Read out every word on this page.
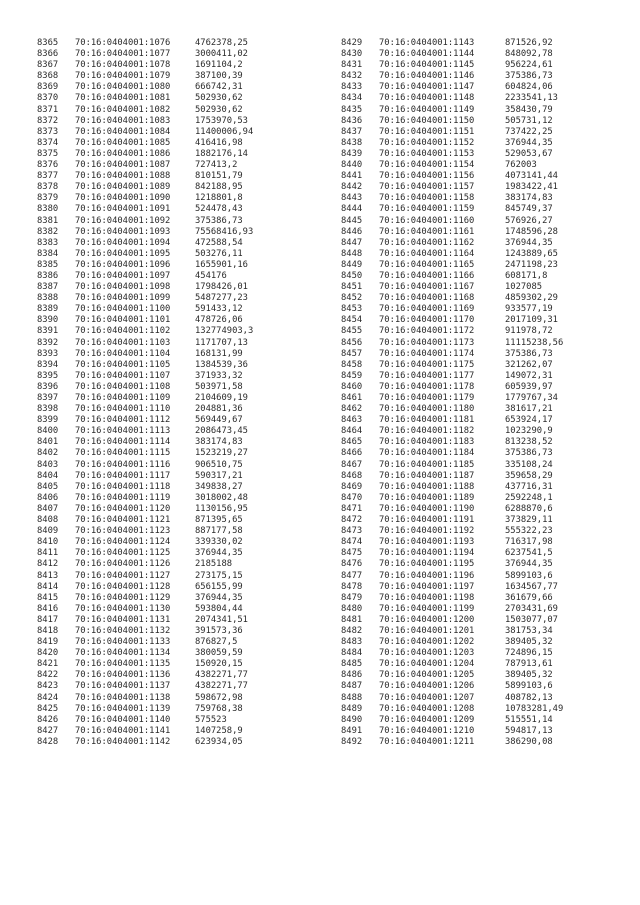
8365 70:16:0404001:1076	4762378,25
8366 70:16:0404001:1077	3000411,02
8367 70:16:0404001:1078	1691104,2
8368 70:16:0404001:1079	387100,39
8369 70:16:0404001:1080	666742,31
8370 70:16:0404001:1081	502930,62
8371 70:16:0404001:1082	502930,62
8372 70:16:0404001:1083	1753970,53
8373 70:16:0404001:1084	11400006,94
8374 70:16:0404001:1085	416416,98
8375 70:16:0404001:1086	1882176,14
8376 70:16:0404001:1087	727413,2
8377 70:16:0404001:1088	810151,79
8378 70:16:0404001:1089	842188,95
8379 70:16:0404001:1090	1218801,8
8380 70:16:0404001:1091	524478,43
8381 70:16:0404001:1092	375386,73
8382 70:16:0404001:1093	75568416,93
8383 70:16:0404001:1094	472588,54
8384 70:16:0404001:1095	503276,11
8385 70:16:0404001:1096	1655901,16
8386 70:16:0404001:1097	454176
8387 70:16:0404001:1098	1798426,01
8388 70:16:0404001:1099	5487277,23
8389 70:16:0404001:1100	591433,12
8390 70:16:0404001:1101	478726,06
8391 70:16:0404001:1102	132774903,3
8392 70:16:0404001:1103	1171707,13
8393 70:16:0404001:1104	168131,99
8394 70:16:0404001:1105	1384539,36
8395 70:16:0404001:1107	371933,32
8396 70:16:0404001:1108	503971,58
8397 70:16:0404001:1109	2104609,19
8398 70:16:0404001:1110	204881,36
8399 70:16:0404001:1112	569449,67
8400 70:16:0404001:1113	2086473,45
8401 70:16:0404001:1114	383174,83
8402 70:16:0404001:1115	1523219,27
8403 70:16:0404001:1116	906510,75
8404 70:16:0404001:1117	590317,21
8405 70:16:0404001:1118	349838,27
8406 70:16:0404001:1119	3018002,48
8407 70:16:0404001:1120	1130156,95
8408 70:16:0404001:1121	871395,65
8409 70:16:0404001:1123	887177,58
8410 70:16:0404001:1124	339330,02
8411 70:16:0404001:1125	376944,35
8412 70:16:0404001:1126	2185188
8413 70:16:0404001:1127	273175,15
8414 70:16:0404001:1128	656155,99
8415 70:16:0404001:1129	376944,35
8416 70:16:0404001:1130	593804,44
8417 70:16:0404001:1131	2074341,51
8418 70:16:0404001:1132	391573,36
8419 70:16:0404001:1133	876827,5
8420 70:16:0404001:1134	380059,59
8421 70:16:0404001:1135	150920,15
8422 70:16:0404001:1136	4382271,77
8423 70:16:0404001:1137	4382271,77
8424 70:16:0404001:1138	598672,98
8425 70:16:0404001:1139	759768,38
8426 70:16:0404001:1140	575523
8427 70:16:0404001:1141	1407258,9
8428 70:16:0404001:1142	623934,05
8429 70:16:0404001:1143	871526,92
8430 70:16:0404001:1144	848092,78
8431 70:16:0404001:1145	956224,61
8432 70:16:0404001:1146	375386,73
8433 70:16:0404001:1147	604824,06
8434 70:16:0404001:1148	2233541,13
8435 70:16:0404001:1149	358430,79
8436 70:16:0404001:1150	505731,12
8437 70:16:0404001:1151	737422,25
8438 70:16:0404001:1152	376944,35
8439 70:16:0404001:1153	529053,67
8440 70:16:0404001:1154	762003
8441 70:16:0404001:1156	4073141,44
8442 70:16:0404001:1157	1983422,41
8443 70:16:0404001:1158	383174,83
8444 70:16:0404001:1159	845749,37
8445 70:16:0404001:1160	576926,27
8446 70:16:0404001:1161	1748596,28
8447 70:16:0404001:1162	376944,35
8448 70:16:0404001:1164	1243889,65
8449 70:16:0404001:1165	2471198,23
8450 70:16:0404001:1166	608171,8
8451 70:16:0404001:1167	1027085
8452 70:16:0404001:1168	4859302,29
8453 70:16:0404001:1169	933577,19
8454 70:16:0404001:1170	2017109,31
8455 70:16:0404001:1172	911978,72
8456 70:16:0404001:1173	11115238,56
8457 70:16:0404001:1174	375386,73
8458 70:16:0404001:1175	321262,07
8459 70:16:0404001:1177	149072,31
8460 70:16:0404001:1178	605939,97
8461 70:16:0404001:1179	1779767,34
8462 70:16:0404001:1180	381617,21
8463 70:16:0404001:1181	653924,17
8464 70:16:0404001:1182	1023290,9
8465 70:16:0404001:1183	813238,52
8466 70:16:0404001:1184	375386,73
8467 70:16:0404001:1185	335108,24
8468 70:16:0404001:1187	359658,29
8469 70:16:0404001:1188	437716,31
8470 70:16:0404001:1189	2592248,1
8471 70:16:0404001:1190	6288870,6
8472 70:16:0404001:1191	373829,11
8473 70:16:0404001:1192	555322,23
8474 70:16:0404001:1193	716317,98
8475 70:16:0404001:1194	6237541,5
8476 70:16:0404001:1195	376944,35
8477 70:16:0404001:1196	5899103,6
8478 70:16:0404001:1197	1634567,77
8479 70:16:0404001:1198	361679,66
8480 70:16:0404001:1199	2703431,69
8481 70:16:0404001:1200	1503077,07
8482 70:16:0404001:1201	381753,34
8483 70:16:0404001:1202	389405,32
8484 70:16:0404001:1203	724896,15
8485 70:16:0404001:1204	787913,61
8486 70:16:0404001:1205	389405,32
8487 70:16:0404001:1206	5899103,6
8488 70:16:0404001:1207	408782,13
8489 70:16:0404001:1208	10783281,49
8490 70:16:0404001:1209	515551,14
8491 70:16:0404001:1210	594817,13
8492 70:16:0404001:1211	386290,08
